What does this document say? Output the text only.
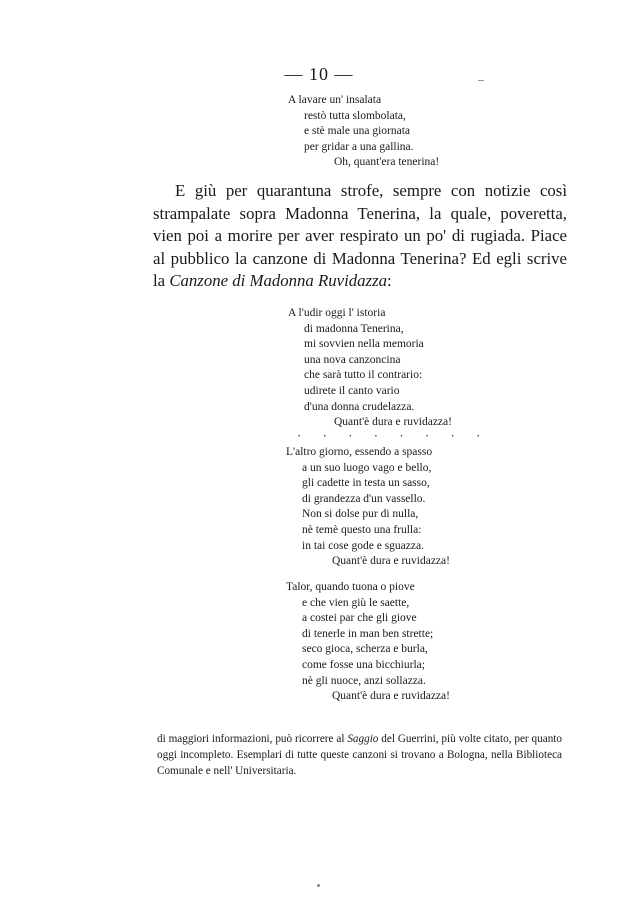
— 10 —
A lavare un' insalata
restò tutta slombolata,
e stè male una giornata
per gridar a una gallina.
Oh, quant'era tenerina!
E giù per quarantuna strofe, sempre con notizie così strampalate sopra Madonna Tenerina, la quale, poveretta, vien poi a morire per aver respirato un po' di rugiada. Piace al pubblico la canzone di Madonna Tenerina? Ed egli scrive la Canzone di Madonna Ruvidazza:
A l'udir oggi l' istoria
di madonna Tenerina,
mi sovvien nella memoria
una nova canzoncina
che sarà tutto il contrario:
udirete il canto vario
d'una donna crudelazza.
Quant'è dura e ruvidazza!
· · · · · · · ·
L'altro giorno, essendo a spasso
a un suo luogo vago e bello,
gli cadette in testa un sasso,
di grandezza d'un vassello.
Non si dolse pur di nulla,
nè temè questo una frulla:
in tai cose gode e sguazza.
Quant'è dura e ruvidazza!
Talor, quando tuona o piove
e che vien giù le saette,
a costei par che gli giove
di tenerle in man ben strette;
seco gioca, scherza e burla,
come fosse una bicchiurla;
nè gli nuoce, anzi sollazza.
Quant'è dura e ruvidazza!
di maggiori informazioni, può ricorrere al Saggio del Guerrini, più volte citato, per quanto oggi incompleto. Esemplari di tutte queste canzoni si trovano a Bologna, nella Biblioteca Comunale e nell' Universitaria.
